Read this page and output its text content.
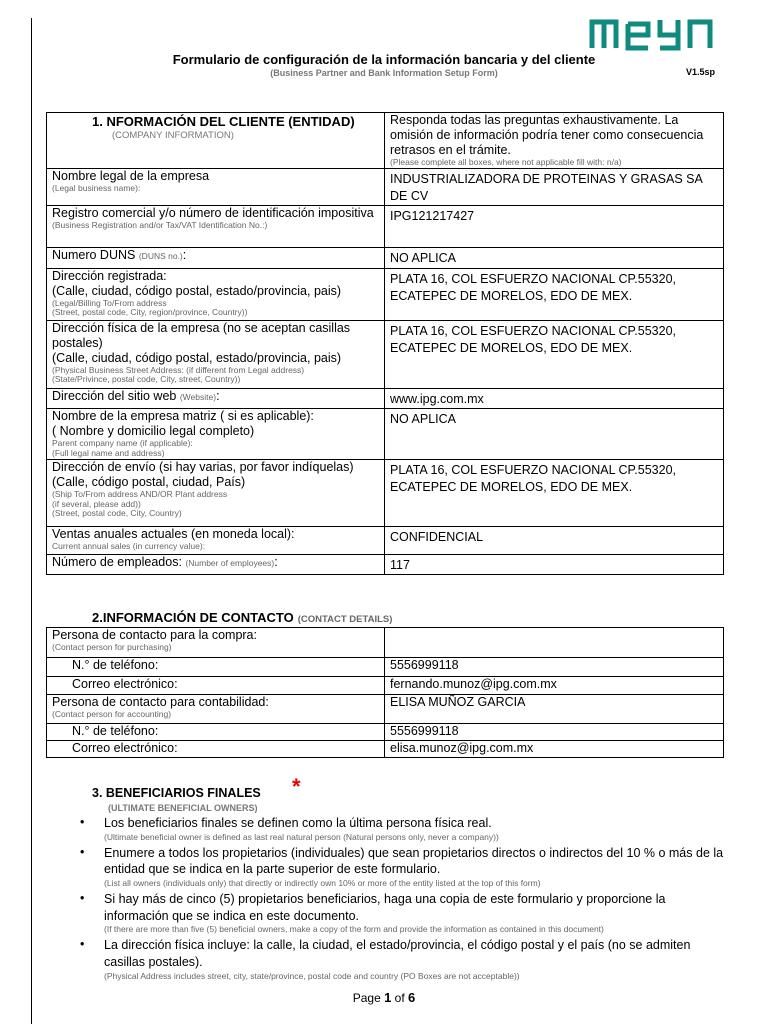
Formulario de configuración de la información bancaria y del cliente
(Business Partner and Bank Information Setup Form)	V1.5sp
1. NFORMACIÓN DEL CLIENTE (ENTIDAD)
(COMPANY INFORMATION)	Responda todas las preguntas exhaustivamente. La omisión de información podría tener como consecuencia retrasos en el trámite.
(Please complete all boxes, where not applicable fill with: n/a)

Nombre legal de la empresa
(Legal business name):	INDUSTRIALIZADORA DE PROTEINAS Y GRASAS SA DE CV

Registro comercial y/o número de identificación impositiva
(Business Registration and/or Tax/VAT Identification No.:)	IPG121217427

Numero DUNS (DUNS no.):	NO APLICA

Dirección registrada:
(Calle, ciudad, código postal, estado/provincia, pais)
(Legal/Billing To/From address
(Street, postal code, City, region/province, Country))	PLATA 16, COL ESFUERZO NACIONAL CP.55320, ECATEPEC DE MORELOS, EDO DE MEX.

Dirección física de la empresa (no se aceptan casillas postales)
(Calle, ciudad, código postal, estado/provincia, pais)
(Physical Business Street Address: (if different from Legal address)
(State/Privince, postal code, City, street, Country))	PLATA 16, COL ESFUERZO NACIONAL CP.55320, ECATEPEC DE MORELOS, EDO DE MEX.

Dirección del sitio web (Website):	www.ipg.com.mx

Nombre de la empresa matriz ( si es aplicable):
( Nombre y domicilio legal completo)
Parent company name (if applicable):
(Full legal name and address)	NO APLICA

Dirección de envío (si hay varias, por favor indíquelas)
(Calle, código postal, ciudad, País)
(Ship To/From address AND/OR Plant address
(if several, please add))
(Street, postal code, City, Country)	PLATA 16, COL ESFUERZO NACIONAL CP.55320, ECATEPEC DE MORELOS, EDO DE MEX.

Ventas anuales actuales (en moneda local):
Current annual sales (in currency value):	CONFIDENCIAL

Número de empleados: (Number of employees):	117
2.INFORMACIÓN DE CONTACTO (CONTACT DETAILS)
Persona de contacto para la compra:
(Contact person for purchasing)	

N.° de teléfono:	5556999118

Correo electrónico:	fernando.munoz@ipg.com.mx

Persona de contacto para contabilidad:
(Contact person for accounting)	ELISA MUÑOZ GARCIA

N.° de teléfono:	5556999118

Correo electrónico:	elisa.munoz@ipg.com.mx
3. BENEFICIARIOS FINALES *
(ULTIMATE BENEFICIAL OWNERS)
• Los beneficiarios finales se definen como la última persona física real.
(Ultimate beneficial owner is defined as last real natural person (Natural persons only, never a company))
• Enumere a todos los propietarios (individuales) que sean propietarios directos o indirectos del 10 % o más de la entidad que se indica en la parte superior de este formulario.
(List all owners (individuals only) that directly or indirectly own 10% or more of the entity listed at the top of this form)
• Si hay más de cinco (5) propietarios beneficiarios, haga una copia de este formulario y proporcione la información que se indica en este documento.
(If there are more than five (5) beneficial owners, make a copy of the form and provide the information as contained in this document)
• La dirección física incluye: la calle, la ciudad, el estado/provincia, el código postal y el país (no se admiten casillas postales).
(Physical Address includes street, city, state/province, postal code and country (PO Boxes are not acceptable))
Page 1 of 6
